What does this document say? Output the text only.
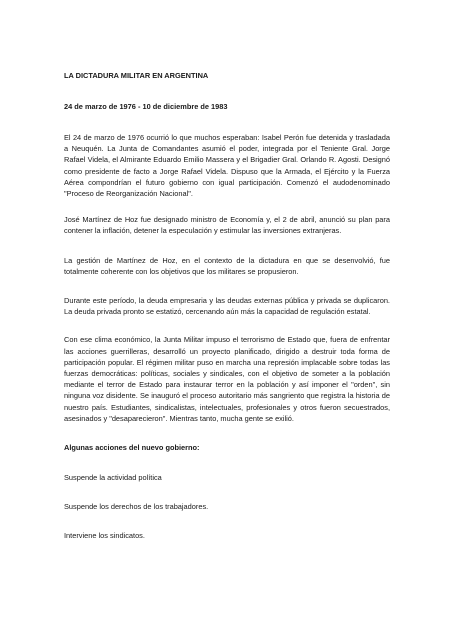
LA DICTADURA MILITAR EN ARGENTINA

24 de marzo de 1976 - 10 de diciembre de 1983

El 24 de marzo de 1976 ocurrió lo que muchos esperaban: Isabel Perón fue detenida y trasladada a Neuquén. La Junta de Comandantes asumió el poder, integrada por el Teniente Gral. Jorge Rafael Videla, el Almirante Eduardo Emilio Massera y el Brigadier Gral. Orlando R. Agosti. Designó como presidente de facto a Jorge Rafael Videla. Dispuso que la Armada, el Ejército y la Fuerza Aérea compondrían el futuro gobierno con igual participación. Comenzó el audodenominado "Proceso de Reorganización Nacional".

José Martínez de Hoz fue designado ministro de Economía y, el 2 de abril, anunció su plan para contener la inflación, detener la especulación y estimular las inversiones extranjeras.

La gestión de Martínez de Hoz, en el contexto de la dictadura en que se desenvolvió, fue totalmente coherente con los objetivos que los militares se propusieron.

Durante este período, la deuda empresaria y las deudas externas pública y privada se duplicaron. La deuda privada pronto se estatizó, cercenando aún más la capacidad de regulación estatal.

Con ese clima económico, la Junta Militar impuso el terrorismo de Estado que, fuera de enfrentar las acciones guerrilleras, desarrolló un proyecto planificado, dirigido a destruir toda forma de participación popular. El régimen militar puso en marcha una represión implacable sobre todas las fuerzas democráticas: políticas, sociales y sindicales, con el objetivo de someter a la población mediante el terror de Estado para instaurar terror en la población y así imponer el "orden", sin ninguna voz disidente. Se inauguró el proceso autoritario más sangriento que registra la historia de nuestro país. Estudiantes, sindicalistas, intelectuales, profesionales y otros fueron secuestrados, asesinados y "desaparecieron". Mientras tanto, mucha gente se exilió.

Algunas acciones del nuevo gobierno:

Suspende la actividad política

Suspende los derechos de los trabajadores.

Interviene los sindicatos.
